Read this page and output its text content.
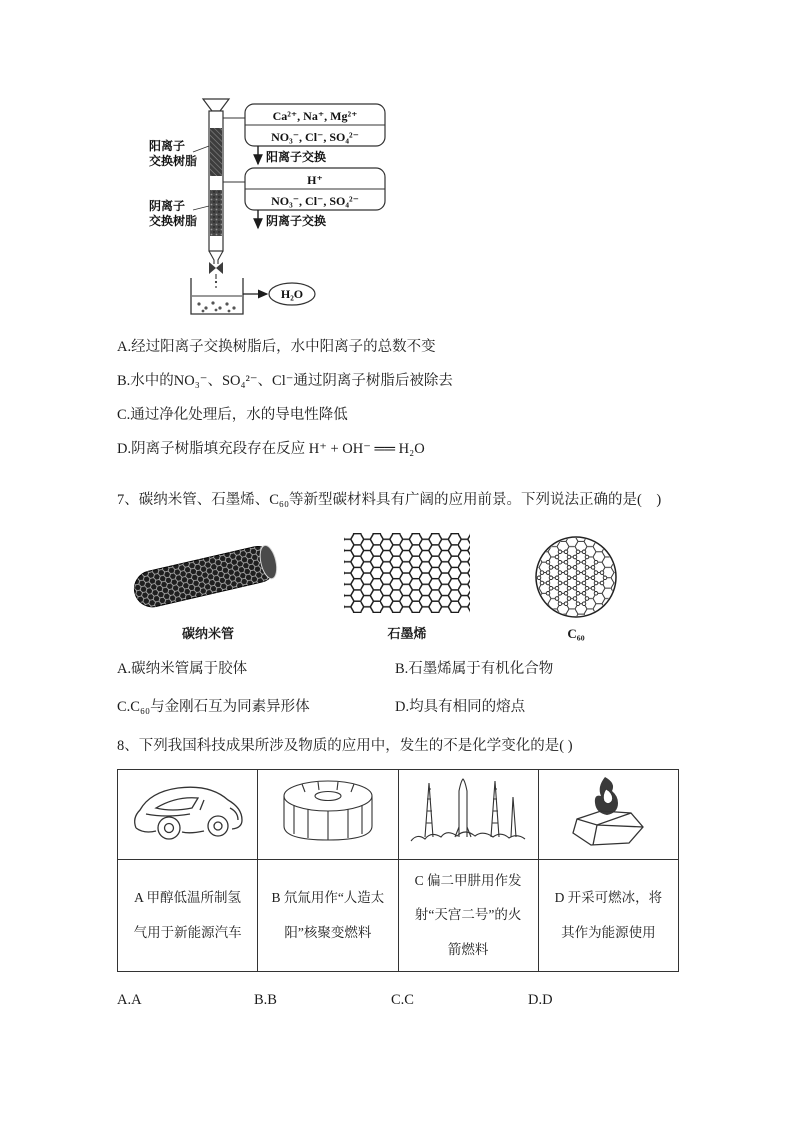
阳离子
交换树脂
阴离子
交换树脂
Ca²⁺, Na⁺, Mg²⁺
NO₃⁻, Cl⁻, SO₄²⁻
阳离子交换
H⁺
NO₃⁻, Cl⁻, SO₄²⁻
阴离子交换
H₂O

A.经过阳离子交换树脂后，水中阳离子的总数不变

B.水中的NO₃⁻、SO₄²⁻、Cl⁻通过阴离子树脂后被除去

C.通过净化处理后，水的导电性降低

D.阴离子树脂填充段存在反应 H⁺ + OH⁻ ══ H₂O

7、碳纳米管、石墨烯、C₆₀等新型碳材料具有广阔的应用前景。下列说法正确的是(　)

碳纳米管	石墨烯	C₆₀

A.碳纳米管属于胶体	B.石墨烯属于有机化合物

C.C₆₀与金刚石互为同素异形体	D.均具有相同的熔点

8、下列我国科技成果所涉及物质的应用中，发生的不是化学变化的是( )

A 甲醇低温所制氢气用于新能源汽车	B 氘氚用作“人造太阳”核聚变燃料	C 偏二甲肼用作发射“天宫二号”的火箭燃料	D 开采可燃冰，将其作为能源使用
A.A	B.B	C.C	D.D
